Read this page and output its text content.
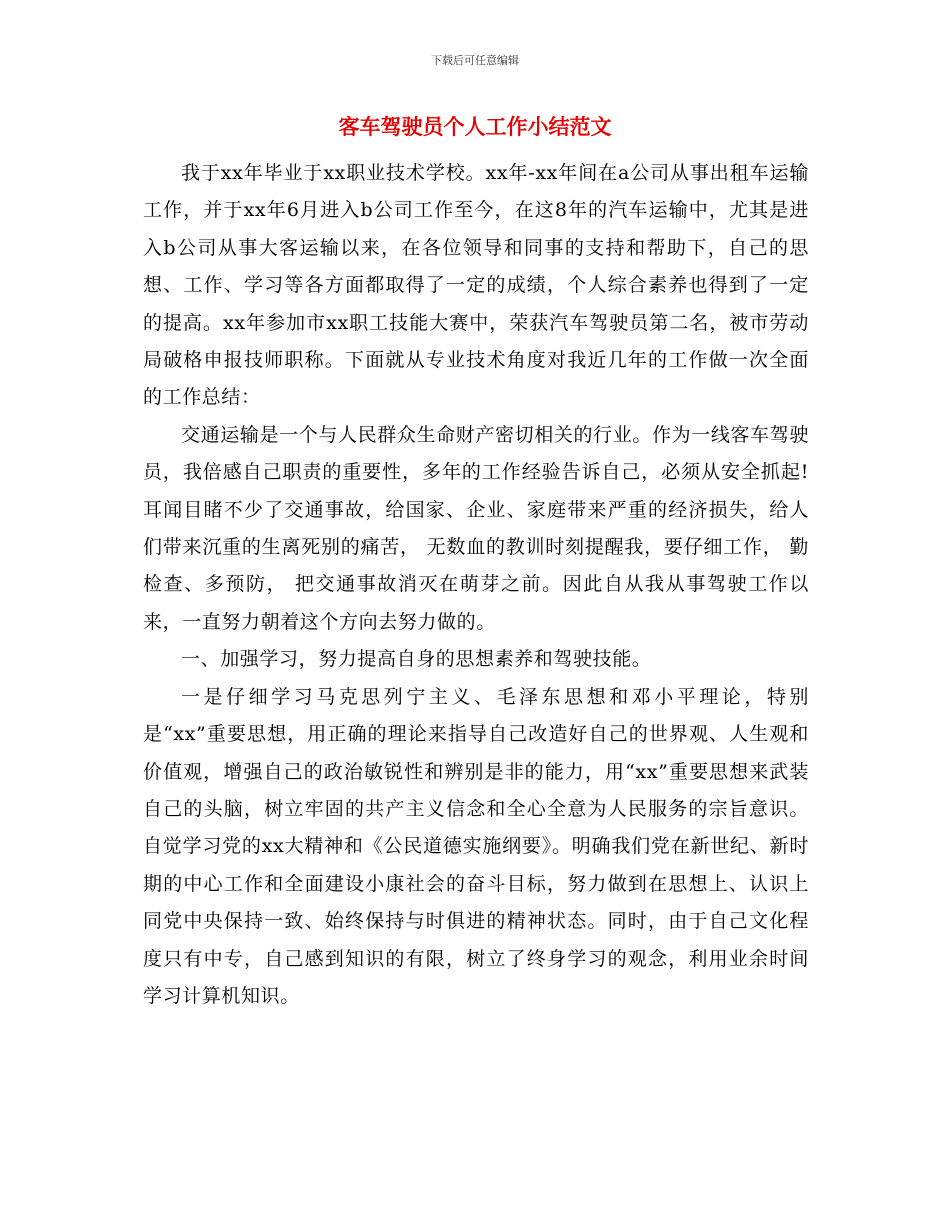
下载后可任意编辑
客车驾驶员个人工作小结范文

我于xx年毕业于xx职业技术学校。xx年-xx年间在a公司从事出租车运输工作，并于xx年6月进入b公司工作至今，在这8年的汽车运输中，尤其是进入b公司从事大客运输以来，在各位领导和同事的支持和帮助下，自己的思想、工作、学习等各方面都取得了一定的成绩，个人综合素养也得到了一定的提高。xx年参加市xx职工技能大赛中，荣获汽车驾驶员第二名，被市劳动局破格申报技师职称。下面就从专业技术角度对我近几年的工作做一次全面的工作总结：

交通运输是一个与人民群众生命财产密切相关的行业。作为一线客车驾驶员，我倍感自己职责的重要性，多年的工作经验告诉自己，必须从安全抓起!耳闻目睹不少了交通事故，给国家、企业、家庭带来严重的经济损失，给人们带来沉重的生离死别的痛苦， 无数血的教训时刻提醒我，要仔细工作， 勤检查、多预防， 把交通事故消灭在萌芽之前。因此自从我从事驾驶工作以来，一直努力朝着这个方向去努力做的。

一、加强学习，努力提高自身的思想素养和驾驶技能。

一是仔细学习马克思列宁主义、毛泽东思想和邓小平理论，特别是“xx”重要思想，用正确的理论来指导自己改造好自己的世界观、人生观和价值观，增强自己的政治敏锐性和辨别是非的能力，用“xx”重要思想来武装自己的头脑，树立牢固的共产主义信念和全心全意为人民服务的宗旨意识。自觉学习党的xx大精神和《公民道德实施纲要》。明确我们党在新世纪、新时期的中心工作和全面建设小康社会的奋斗目标，努力做到在思想上、认识上同党中央保持一致、始终保持与时俱进的精神状态。同时，由于自己文化程度只有中专，自己感到知识的有限，树立了终身学习的观念，利用业余时间学习计算机知识。
